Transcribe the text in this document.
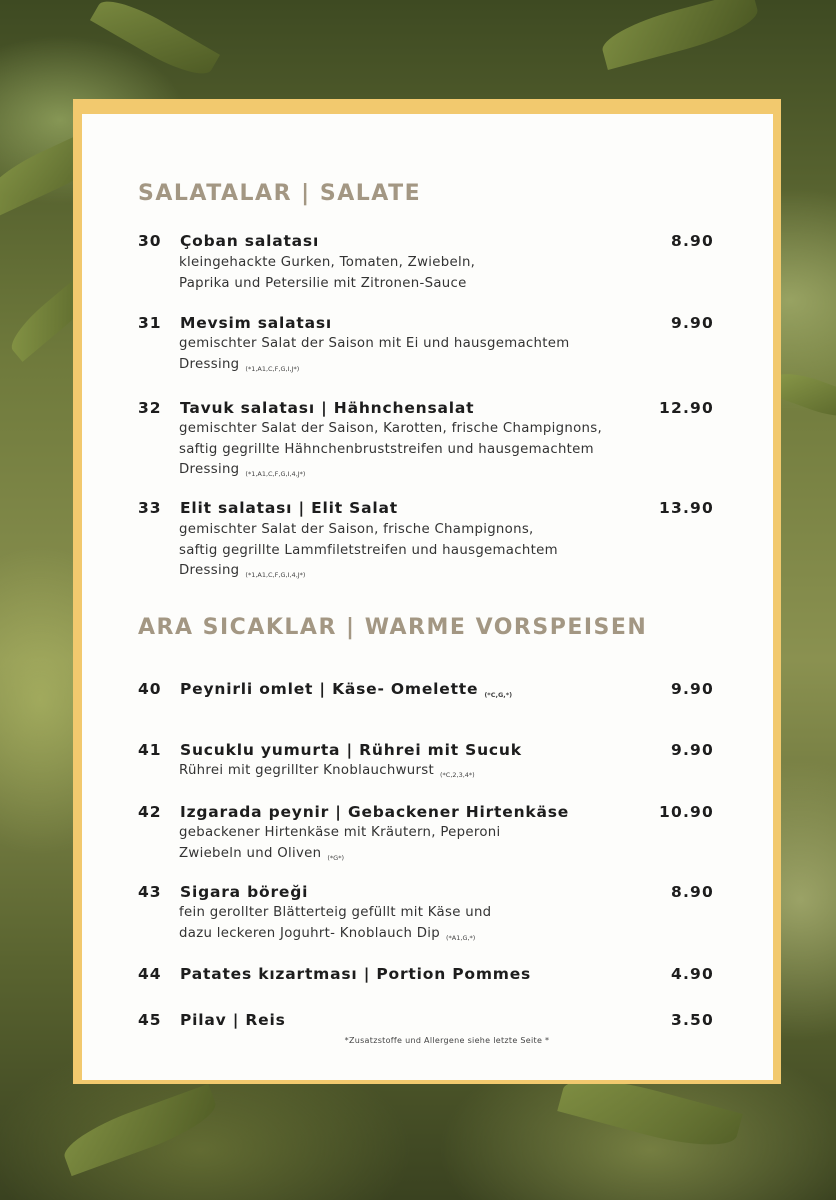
SALATALAR | SALATE
ARA SICAKLAR | WARME VORSPEISEN
30 Çoban salatası	8.90
kleingehackte Gurken, Tomaten, Zwiebeln,
Paprika und Petersilie mit Zitronen-Sauce
31 Mevsim salatası	9.90
gemischter Salat der Saison mit Ei und hausgemachtem
Dressing $_{(*1,A1,C,F,G,I,J*)}$
32 Tavuk salatası | Hähnchensalat	12.90
gemischter Salat der Saison, Karotten, frische Champignons,
saftig gegrillte Hähnchenbruststreifen und hausgemachtem
Dressing $_{(*1,A1,C,F,G,I,4,J*)}$
33 Elit salatası | Elit Salat	13.90
gemischter Salat der Saison, frische Champignons,
saftig gegrillte Lammfiletstreifen und hausgemachtem
Dressing $_{(*1,A1,C,F,G,I,4,J*)}$
40 Peynirli omlet | Käse- Omelette (*C,G,*)	9.90
41 Sucuklu yumurta | Rührei mit Sucuk	9.90
Rührei mit gegrillter Knoblauchwurst $_{(*C,2,3,4*)}$
42 Izgarada peynir | Gebackener Hirtenkäse	10.90
gebackener Hirtenkäse mit Kräutern, Peperoni
Zwiebeln und Oliven $_{(*G*)}$
43 Sigara böreği	8.90
fein gerollter Blätterteig gefüllt mit Käse und
dazu leckeren Joguhrt- Knoblauch Dip $_{(*A1,G,*)}$
44 Patates kızartması | Portion Pommes	4.90
45 Pilav | Reis	3.50
*Zusatzstoffe und Allergene siehe letzte Seite *
